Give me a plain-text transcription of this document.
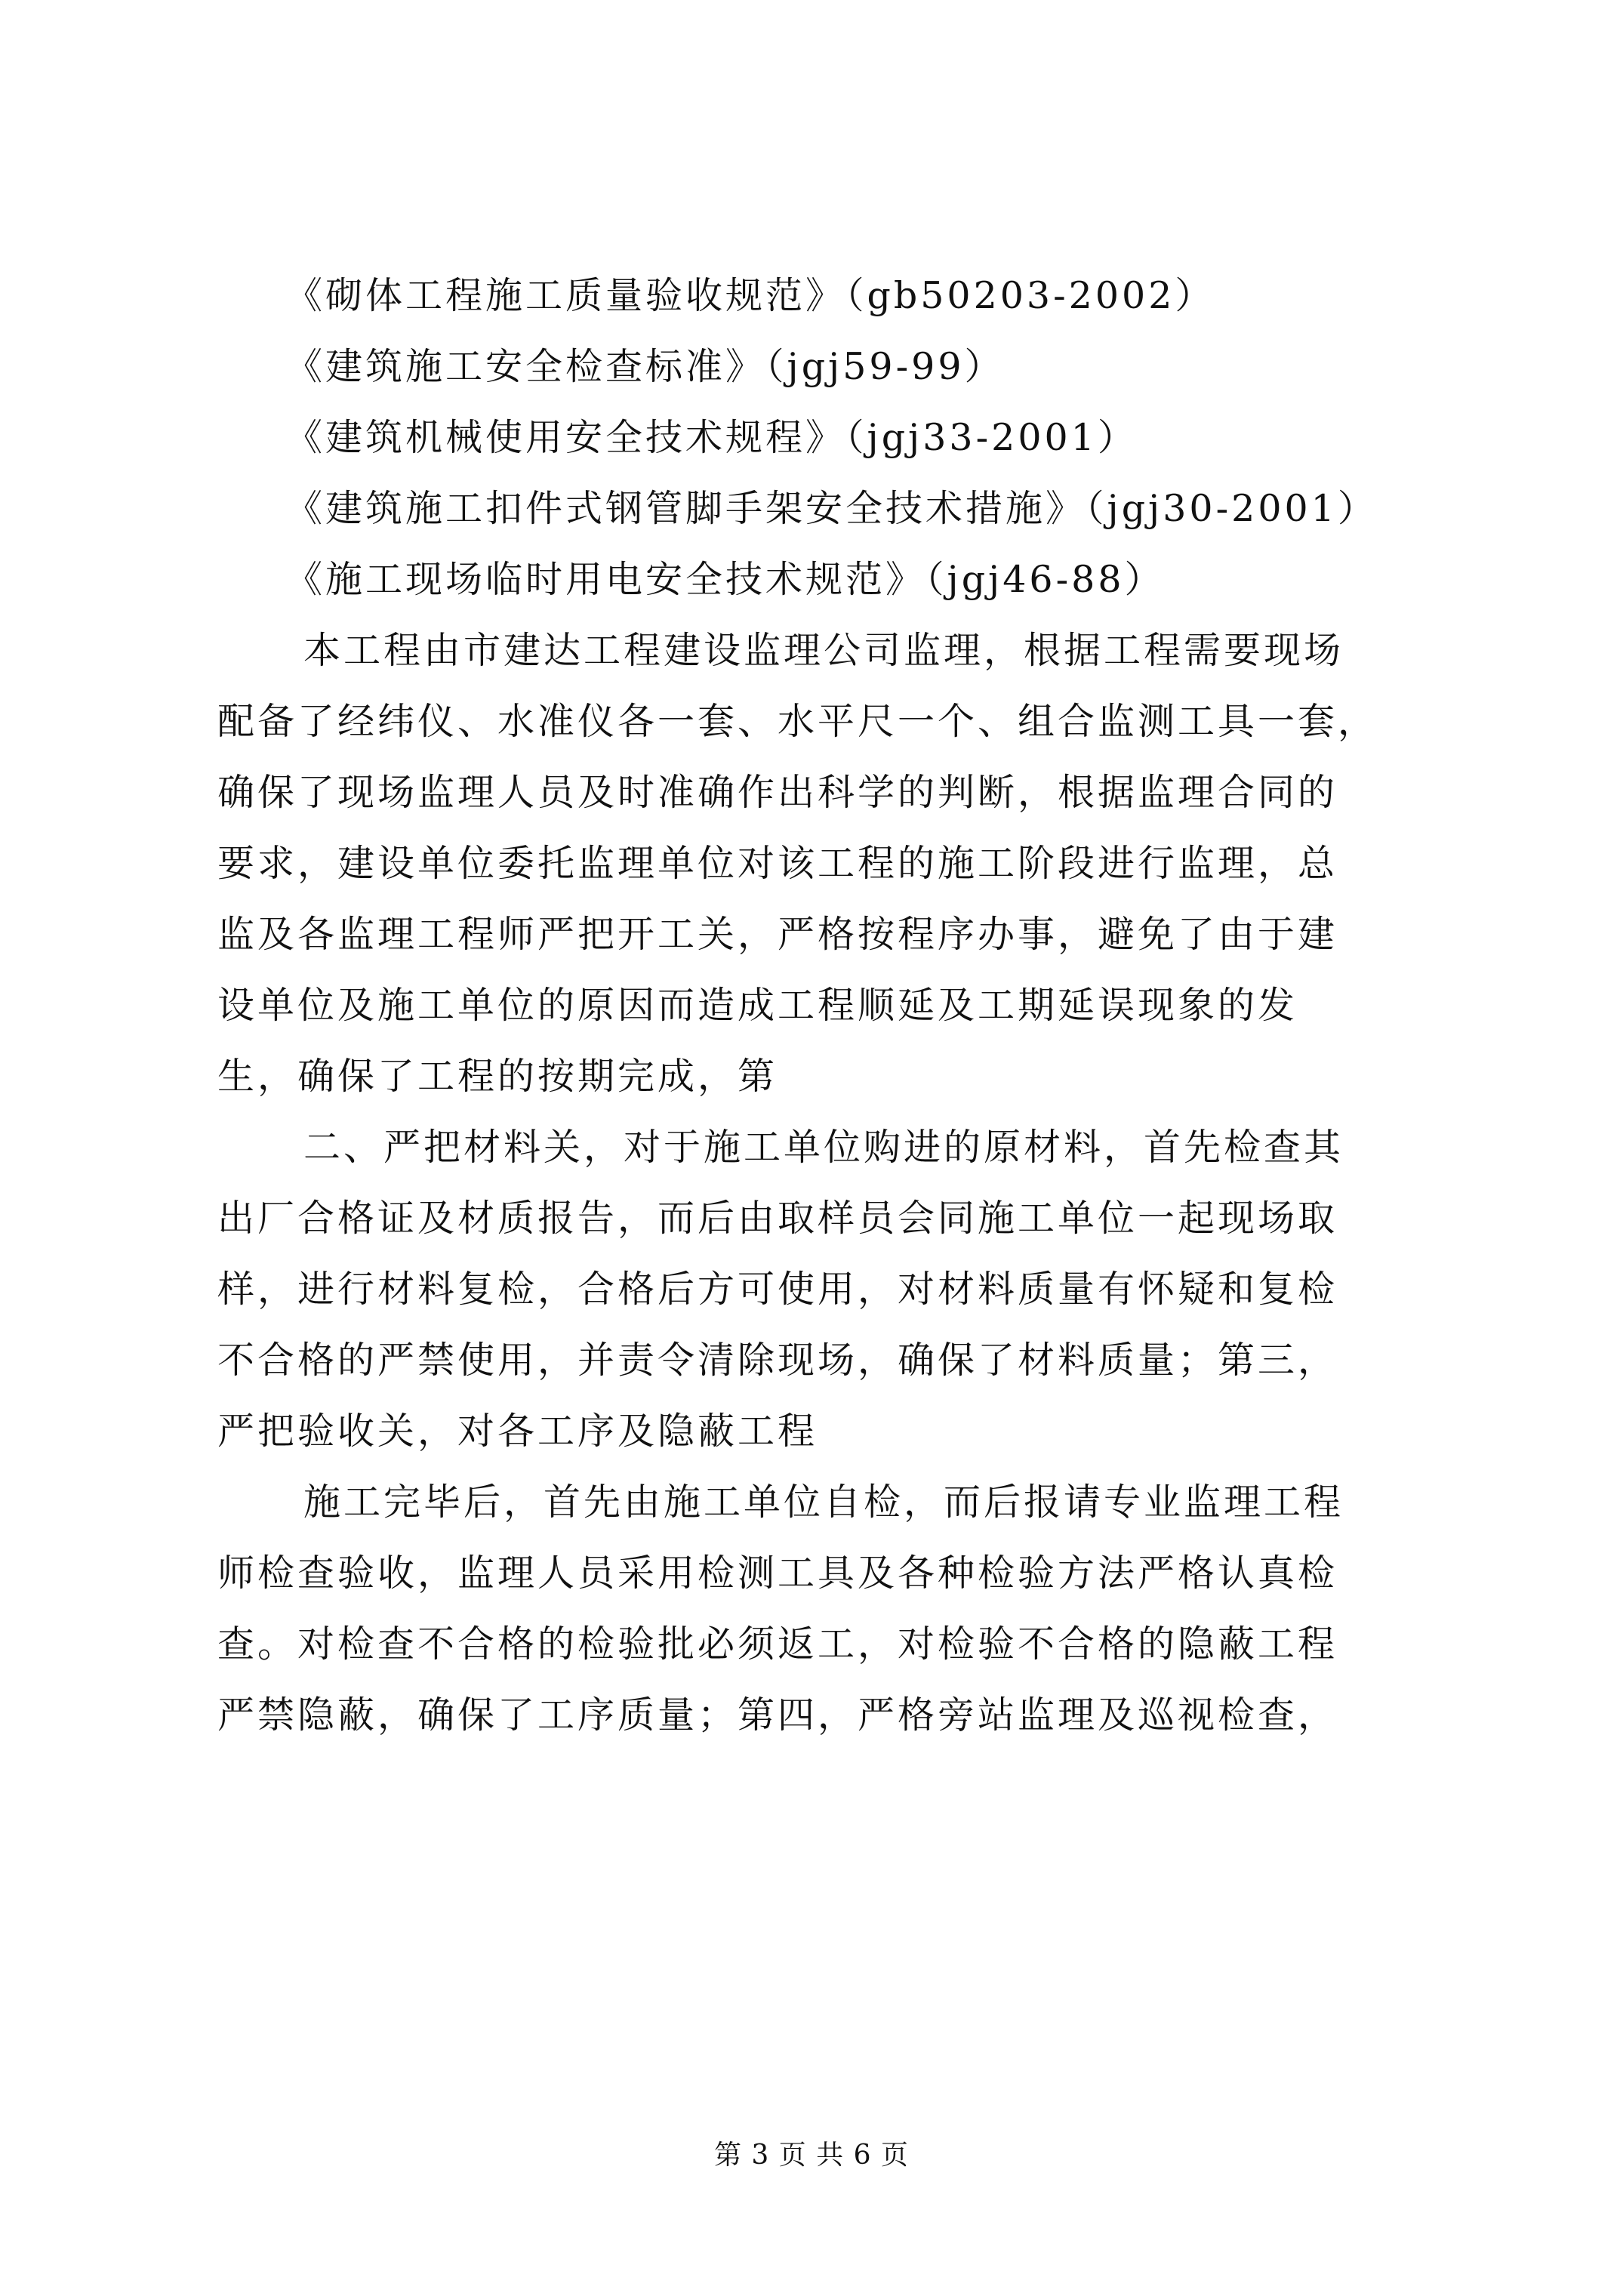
《砌体工程施工质量验收规范》（gb50203-2002）
《建筑施工安全检查标准》（jgj59-99）
《建筑机械使用安全技术规程》（jgj33-2001）
《建筑施工扣件式钢管脚手架安全技术措施》（jgj30-2001）
《施工现场临时用电安全技术规范》（jgj46-88）
本工程由市建达工程建设监理公司监理，根据工程需要现场
配备了经纬仪、水准仪各一套、水平尺一个、组合监测工具一套，
确保了现场监理人员及时准确作出科学的判断，根据监理合同的
要求，建设单位委托监理单位对该工程的施工阶段进行监理，总
监及各监理工程师严把开工关，严格按程序办事，避免了由于建
设单位及施工单位的原因而造成工程顺延及工期延误现象的发
生，确保了工程的按期完成，第
二、严把材料关，对于施工单位购进的原材料，首先检查其
出厂合格证及材质报告，而后由取样员会同施工单位一起现场取
样，进行材料复检，合格后方可使用，对材料质量有怀疑和复检
不合格的严禁使用，并责令清除现场，确保了材料质量；第三，
严把验收关，对各工序及隐蔽工程
施工完毕后，首先由施工单位自检，而后报请专业监理工程
师检查验收，监理人员采用检测工具及各种检验方法严格认真检
查。对检查不合格的检验批必须返工，对检验不合格的隐蔽工程
严禁隐蔽，确保了工序质量；第四，严格旁站监理及巡视检查，
第 3 页 共 6 页
